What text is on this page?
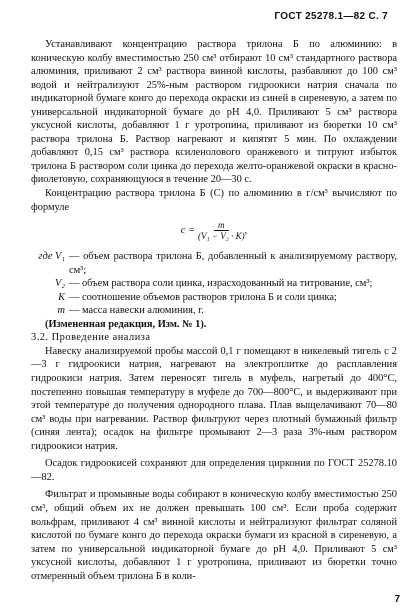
ГОСТ 25278.1—82 С. 7

Устанавливают концентрацию раствора трилона Б по алюминию: в коническую колбу вместимостью 250 см³ отбирают 10 см³ стандартного раствора алюминия, приливают 2 см³ раствора винной кислоты, разбавляют до 100 см³ водой и нейтрализуют 25%-ным раствором гидроокиси натрия сначала по индикаторной бумаге конго до перехода окраски из синей в сиреневую, а затем по универсальной индикаторной бумаге до pH 4,0. Приливают 5 см³ раствора уксусной кислоты, добавляют 1 г уротропина, приливают из бюретки 10 см³ раствора трилона Б. Раствор нагревают и кипятят 5 мин. По охлаждении добавляют 0,15 см³ раствора ксиленолового оранжевого и титруют избыток трилона Б раствором соли цинка до перехода желто-оранжевой окраски в красно-фиолетовую, сохраняющуюся в течение 20—30 с.

Концентрацию раствора трилона Б (С) по алюминию в г/см³ вычисляют по формуле

$c = \frac{m}{\text{(V₁ − V₂ · K)}}$ ,
где V₁ — объем раствора трилона Б, добавленный к анализируемому раствору, см³;
V₂ — объем раствора соли цинка, израсходованный на титрование, см³;
K — соотношение объемов растворов трилона Б и соли цинка;
m — масса навески алюминия, г.

(Измененная редакция, Изм. № 1).

3.2. Проведение анализа

Навеску анализируемой пробы массой 0,1 г помещают в никелевый тигель с 2—3 г гидроокиси натрия, нагревают на электроплитке до расплавления гидроокиси натрия. Затем переносят тигель в муфель, нагретый до 400°С, постепенно повышая температуру в муфеле до 700—800°С, и выдерживают при этой температуре до получения однородного плава. Плав выщелачивают 70—80 см³ воды при нагревании. Раствор фильтруют через плотный бумажный фильтр (синяя лента); осадок на фильтре промывают 2—3 раза 3%-ным раствором гидроокиси натрия.

Осадок гидроокисей сохраняют для определения циркония по ГОСТ 25278.10—82.

Фильтрат и промывные воды собирают в коническую колбу вместимостью 250 см³, общий объем их не должен превышать 100 см³. Если проба содержит вольфрам, приливают 4 см³ винной кислоты и нейтрализуют фильтрат соляной кислотой по бумаге конго до перехода окраски бумаги из красной в сиреневую, а затем по универсальной индикаторной бумаге до pH 4,0. Приливают 5 см³ уксусной кислоты, добавляют 1 г уротропина, приливают из бюретки точно отмеренный объем трилона Б в коли-

7
